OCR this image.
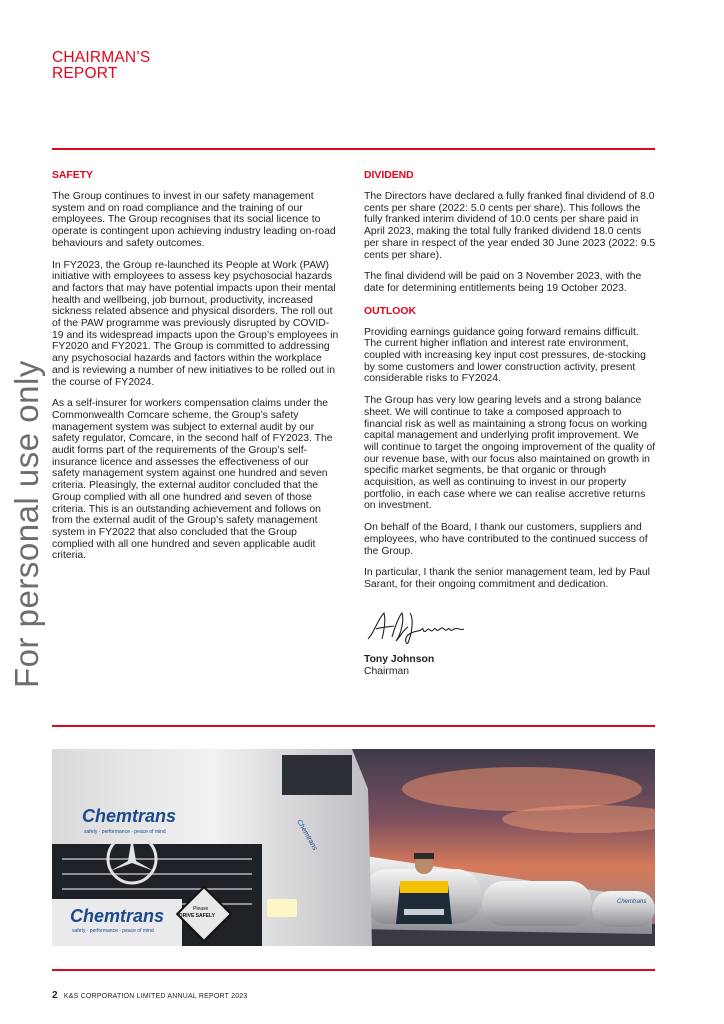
CHAIRMAN’S
REPORT
For personal use only
SAFETY

The Group continues to invest in our safety management system and on road compliance and the training of our employees. The Group recognises that its social licence to operate is contingent upon achieving industry leading on-road behaviours and safety outcomes.

In FY2023, the Group re-launched its People at Work (PAW) initiative with employees to assess key psychosocial hazards and factors that may have potential impacts upon their mental health and wellbeing, job burnout, productivity, increased sickness related absence and physical disorders. The roll out of the PAW programme was previously disrupted by COVID-19 and its widespread impacts upon the Group’s employees in FY2020 and FY2021. The Group is committed to addressing any psychosocial hazards and factors within the workplace and is reviewing a number of new initiatives to be rolled out in the course of FY2024.

As a self-insurer for workers compensation claims under the Commonwealth Comcare scheme, the Group’s safety management system was subject to external audit by our safety regulator, Comcare, in the second half of FY2023. The audit forms part of the requirements of the Group’s self-insurance licence and assesses the effectiveness of our safety management system against one hundred and seven criteria. Pleasingly, the external auditor concluded that the Group complied with all one hundred and seven of those criteria. This is an outstanding achievement and follows on from the external audit of the Group’s safety management system in FY2022 that also concluded that the Group complied with all one hundred and seven applicable audit criteria.

DIVIDEND

The Directors have declared a fully franked final dividend of 8.0 cents per share (2022: 5.0 cents per share). This follows the fully franked interim dividend of 10.0 cents per share paid in April 2023, making the total fully franked dividend 18.0 cents per share in respect of the year ended 30 June 2023 (2022: 9.5 cents per share).

The final dividend will be paid on 3 November 2023, with the date for determining entitlements being 19 October 2023.

OUTLOOK

Providing earnings guidance going forward remains difficult. The current higher inflation and interest rate environment, coupled with increasing key input cost pressures, de-stocking by some customers and lower construction activity, present considerable risks to FY2024.

The Group has very low gearing levels and a strong balance sheet. We will continue to take a composed approach to financial risk as well as maintaining a strong focus on working capital management and underlying profit improvement. We will continue to target the ongoing improvement of the quality of our revenue base, with our focus also maintained on growth in specific market segments, be that organic or through acquisition, as well as continuing to invest in our property portfolio, in each case where we can realise accretive returns on investment.

On behalf of the Board, I thank our customers, suppliers and employees, who have contributed to the continued success of the Group.

In particular, I thank the senior management team, led by Paul Sarant, for their ongoing commitment and dedication.

Tony Johnson
Chairman
Chemtrans
safety · performance · peace of mind
Chemtrans
safety · performance · peace of mind
Please
DRIVE SAFELY
Chemtrans
Chemtrans
2 K&S CORPORATION LIMITED ANNUAL REPORT 2023
